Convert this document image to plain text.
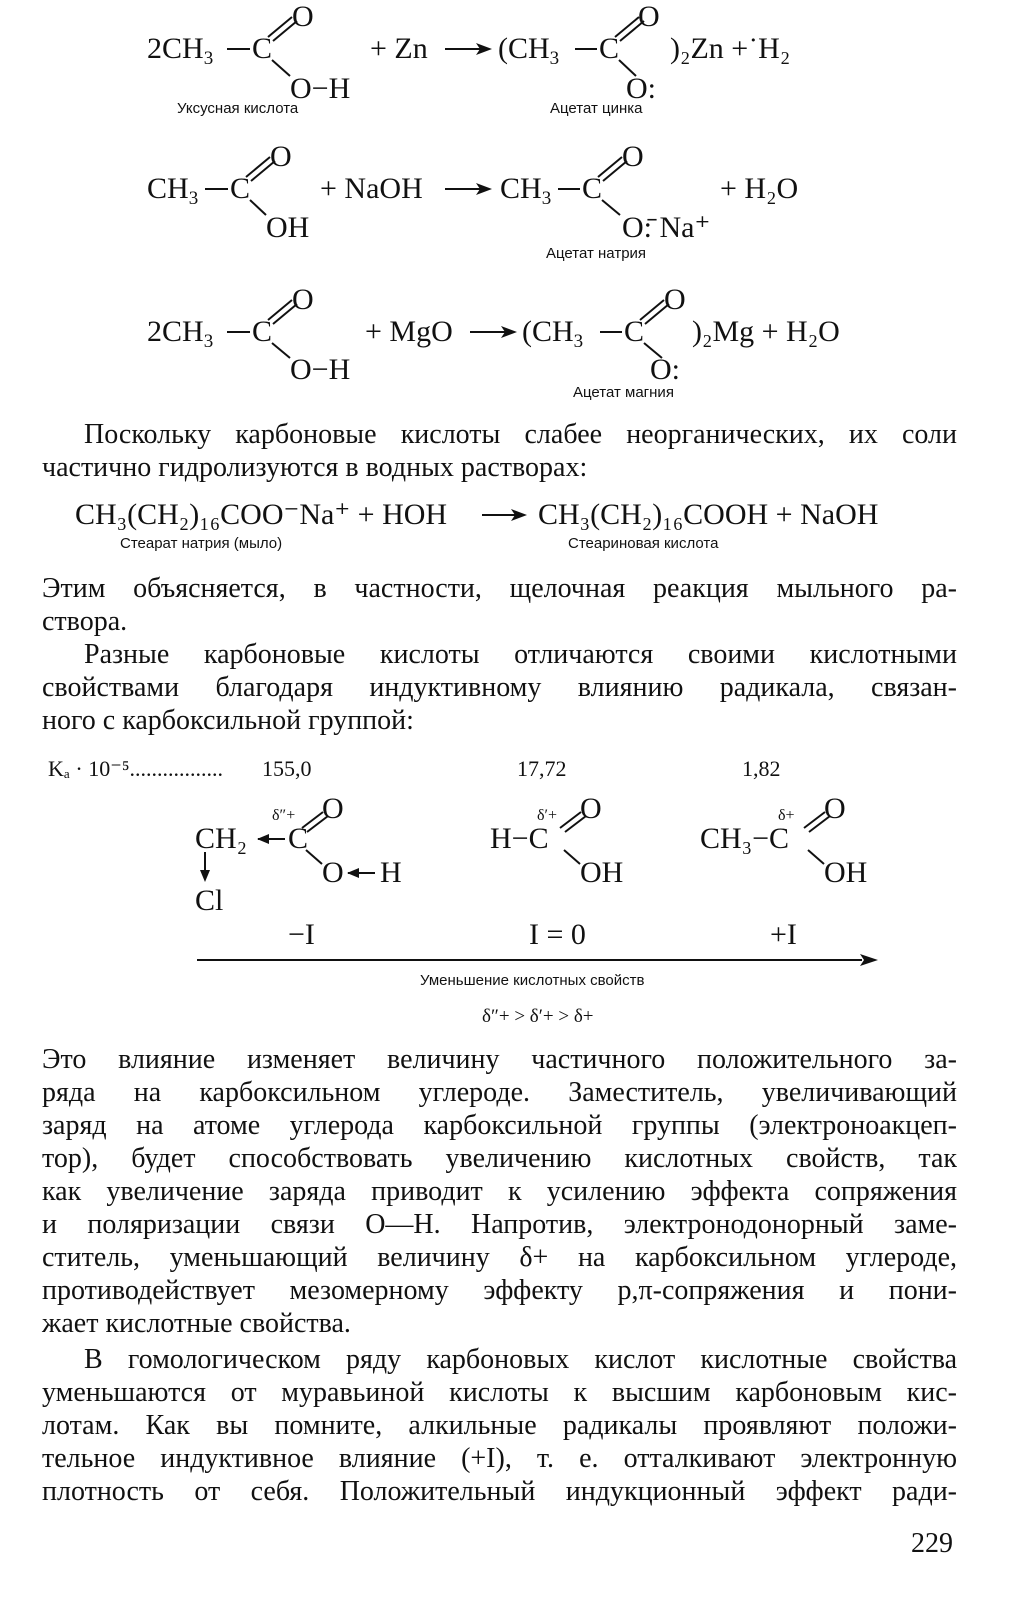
$2CH_3$ C
O
O−H
+ Zn ($CH_3$ C
O
O:
)₂Zn +˙H₂
Уксусная кислота	Ацетат цинка
$CH_3$ C
O
OH
+ NaOH	$CH_3$ C
O
O:̄ Na⁺
+ H₂O
Ацетат натрия
$2CH_3$ C
O
O−H
+ MgO ($CH_3$ C
O
O:
)₂Mg + H₂O
Ацетат магния
Поскольку карбоновые кислоты слабее неорганических, их соли
частично гидролизуются в водных растворах:
CH₃(CH₂)₁₆COO⁻Na⁺ + HOH	CH₃(CH₂)₁₆COOH + NaOH
Стеарат натрия (мыло)	Стеариновая кислота
Этим объясняется, в частности, щелочная реакция мыльного ра-
створа.
Разные карбоновые кислоты отличаются своими кислотными
свойствами благодаря индуктивному влиянию радикала, связан-
ного с карбоксильной группой:
Kₐ · 10⁻⁵................. 155,0	17,72	1,82
δ″+ O
CH₂ C
O H
Cl
δ′+ O
H−C
OH
δ+ O
CH₃−C
OH
−I	I = 0	+I
Уменьшение кислотных свойств
δ″+ > δ′+ > δ+
Это влияние изменяет величину частичного положительного за-
ряда на карбоксильном углероде. Заместитель, увеличивающий
заряд на атоме углерода карбоксильной группы (электроноакцеп-
тор), будет способствовать увеличению кислотных свойств, так
как увеличение заряда приводит к усилению эффекта сопряжения
и поляризации связи O—H. Напротив, электронодонорный заме-
ститель, уменьшающий величину δ+ на карбоксильном углероде,
противодействует мезомерному эффекту p,π-сопряжения и пони-
жает кислотные свойства.
В гомологическом ряду карбоновых кислот кислотные свойства
уменьшаются от муравьиной кислоты к высшим карбоновым кис-
лотам. Как вы помните, алкильные радикалы проявляют положи-
тельное индуктивное влияние (+I), т. е. отталкивают электронную
плотность от себя. Положительный индукционный эффект ради-
229
